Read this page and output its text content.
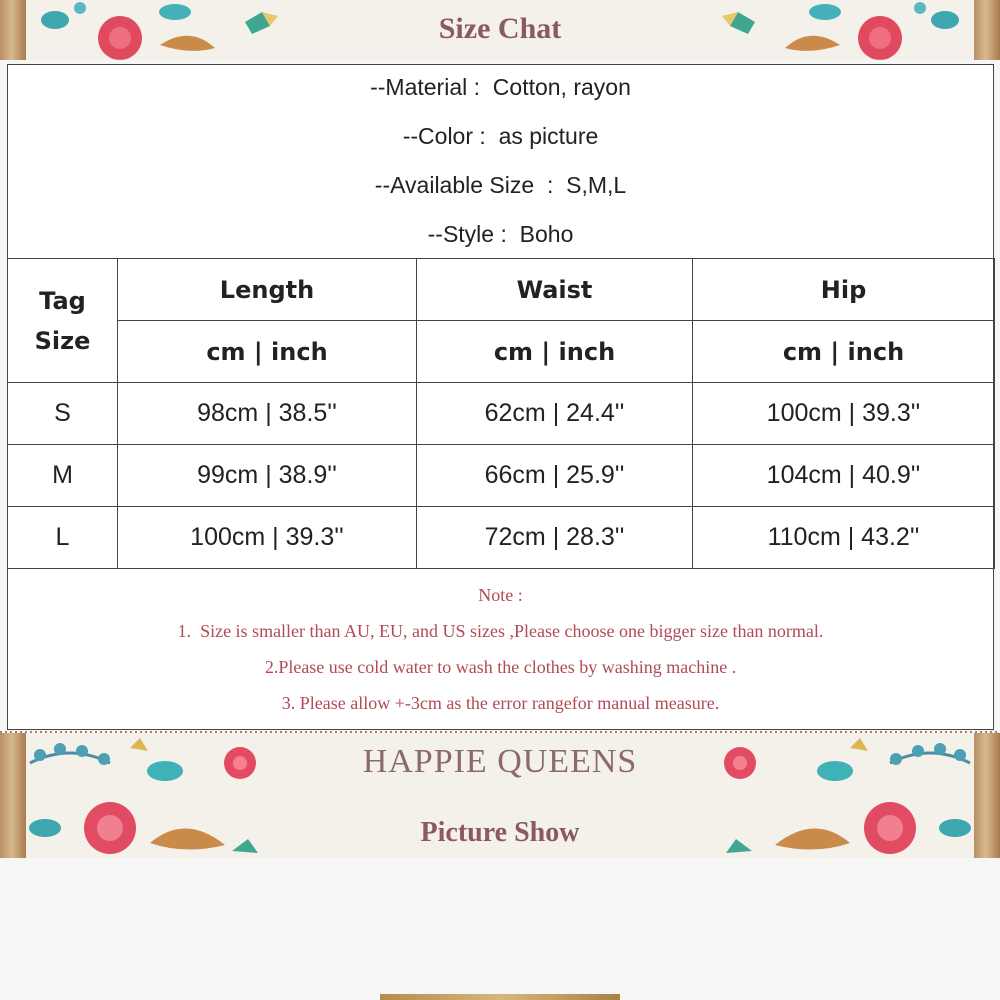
Size Chat
--Material :  Cotton, rayon
--Color :  as picture
--Available Size  :  S,M,L
--Style :  Boho
Tag Size	Length	Waist	Hip
	cm | inch	cm | inch	cm | inch
S	98cm | 38.5''	62cm | 24.4''	100cm | 39.3''
M	99cm | 38.9''	66cm | 25.9''	104cm | 40.9''
L	100cm | 39.3''	72cm | 28.3''	110cm | 43.2''
Note :
1.  Size is smaller than AU, EU, and US sizes ,Please choose one bigger size than normal.
2.Please use cold water to wash the clothes by washing machine .
3. Please allow +-3cm as the error rangefor manual measure.
HAPPIE QUEENS
Picture Show
